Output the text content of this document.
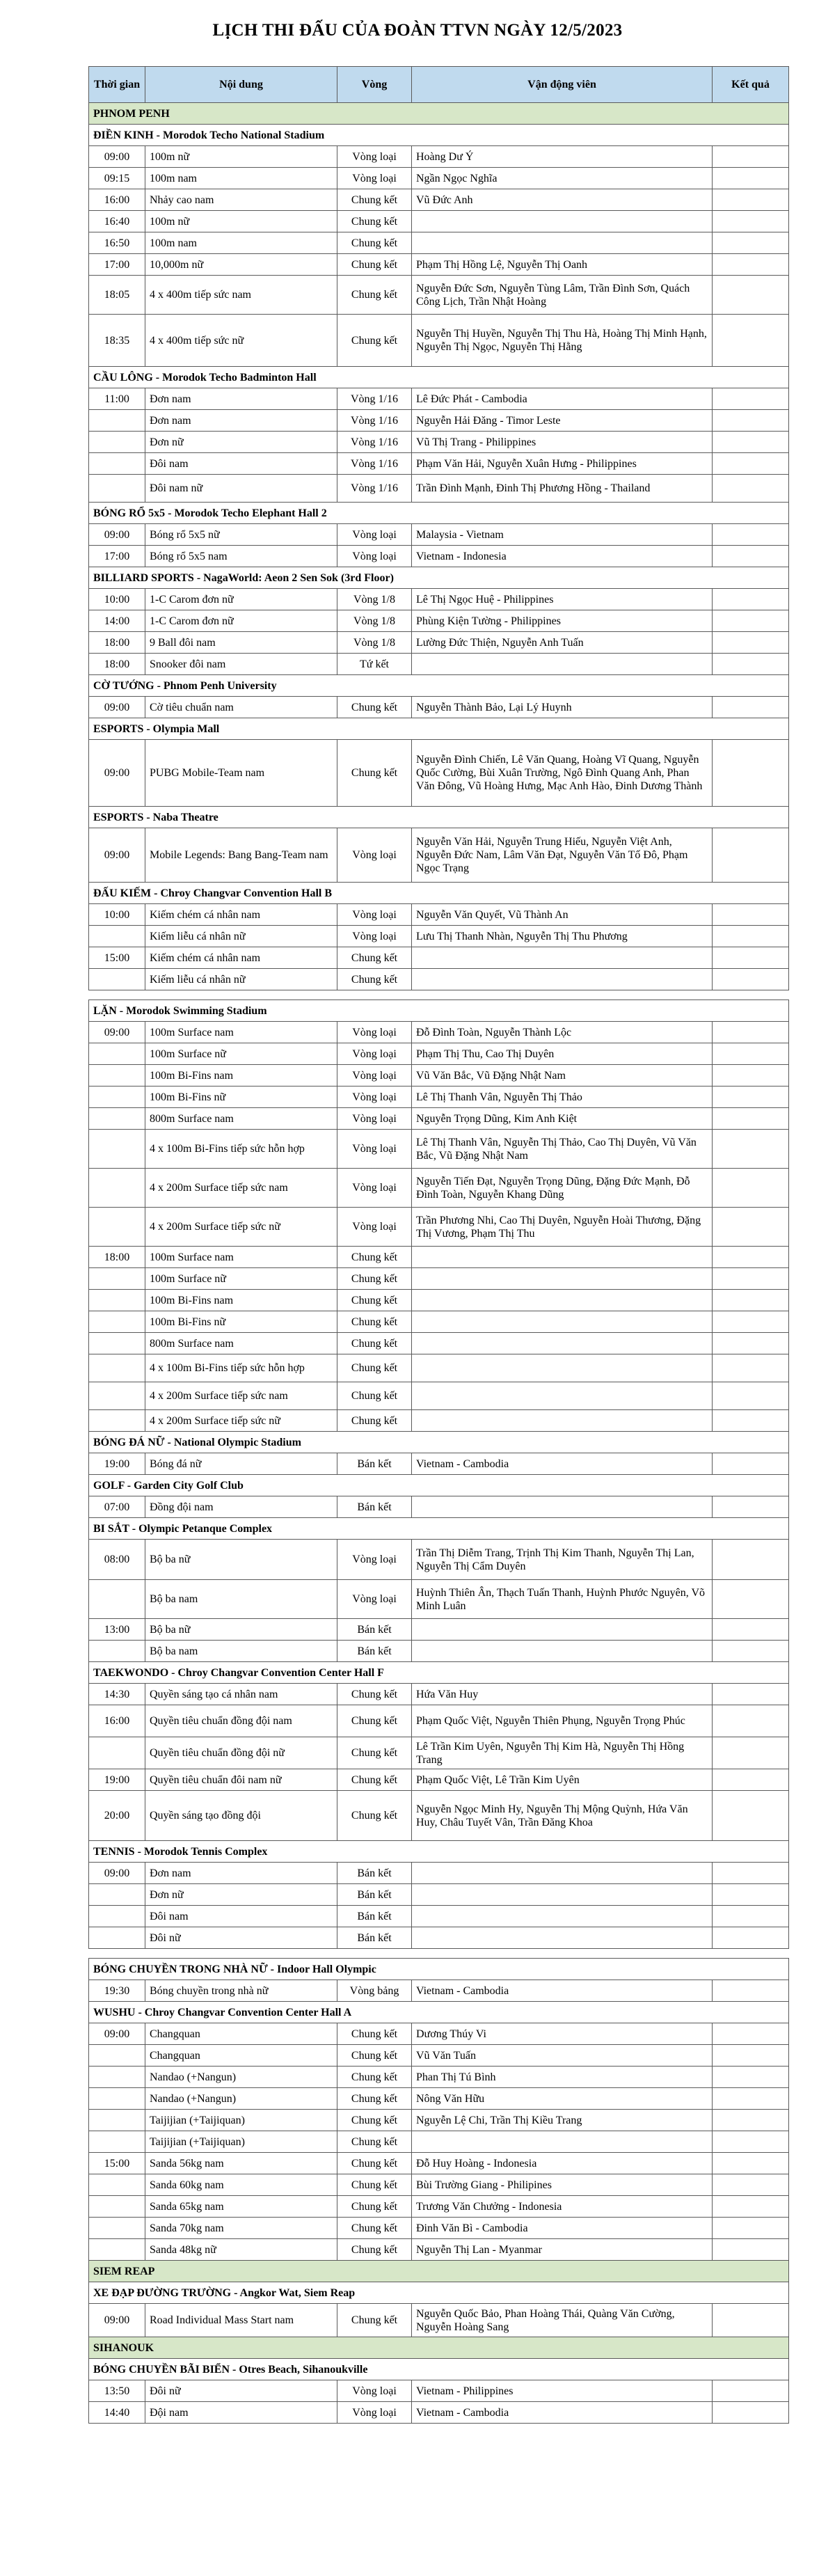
LỊCH THI ĐẤU CỦA ĐOÀN TTVN NGÀY 12/5/2023
Thời gian	Nội dung	Vòng	Vận động viên	Kết quả
PHNOM PENH				
ĐIỀN KINH - Morodok Techo National Stadium				
09:00	100m nữ	Vòng loại	Hoàng Dư Ý	
09:15	100m nam	Vòng loại	Ngần Ngọc Nghĩa	
16:00	Nhảy cao nam	Chung kết	Vũ Đức Anh	
16:40	100m nữ	Chung kết		
16:50	100m nam	Chung kết		
17:00	10,000m nữ	Chung kết	Phạm Thị Hồng Lệ, Nguyễn Thị Oanh	
18:05	4 x 400m tiếp sức nam	Chung kết	Nguyễn Đức Sơn, Nguyễn Tùng Lâm, Trần Đình Sơn, Quách Công Lịch, Trần Nhật Hoàng	
18:35	4 x 400m tiếp sức nữ	Chung kết	Nguyễn Thị Huyền, Nguyễn Thị Thu Hà, Hoàng Thị Minh Hạnh, Nguyễn Thị Ngọc, Nguyễn Thị Hằng	
CẦU LÔNG - Morodok Techo Badminton Hall				
11:00	Đơn nam	Vòng 1/16	Lê Đức Phát - Cambodia	
	Đơn nam	Vòng 1/16	Nguyễn Hải Đăng - Timor Leste	
	Đơn nữ	Vòng 1/16	Vũ Thị Trang - Philippines	
	Đôi nam	Vòng 1/16	Phạm Văn Hải, Nguyễn Xuân Hưng - Philippines	
	Đôi nam nữ	Vòng 1/16	Trần Đình Mạnh, Đinh Thị Phương Hồng - Thailand	
BÓNG RỔ 5x5 - Morodok Techo Elephant Hall 2				
09:00	Bóng rổ 5x5 nữ	Vòng loại	Malaysia - Vietnam	
17:00	Bóng rổ 5x5 nam	Vòng loại	Vietnam - Indonesia	
BILLIARD SPORTS - NagaWorld: Aeon 2 Sen Sok (3rd Floor)				
10:00	1-C Carom đơn nữ	Vòng 1/8	Lê Thị Ngọc Huệ - Philippines	
14:00	1-C Carom đơn nữ	Vòng 1/8	Phùng Kiện Tường - Philippines	
18:00	9 Ball đôi nam	Vòng 1/8	Lường Đức Thiện, Nguyễn Anh Tuấn	
18:00	Snooker đôi nam	Tứ kết		
CỜ TƯỚNG - Phnom Penh University				
09:00	Cờ tiêu chuẩn nam	Chung kết	Nguyễn Thành Bảo, Lại Lý Huynh	
ESPORTS - Olympia Mall				
09:00	PUBG Mobile-Team nam	Chung kết	Nguyễn Đình Chiến, Lê Văn Quang, Hoàng Vĩ Quang, Nguyễn Quốc Cường, Bùi Xuân Trường, Ngô Đình Quang Anh, Phan Văn Đông, Vũ Hoàng Hưng, Mạc Anh Hào, Đinh Dương Thành	
ESPORTS - Naba Theatre				
09:00	Mobile Legends: Bang Bang-Team nam	Vòng loại	Nguyễn Văn Hải, Nguyễn Trung Hiếu, Nguyễn Việt Anh, Nguyễn Đức Nam, Lâm Văn Đạt, Nguyễn Văn Tố Đô, Phạm Ngọc Trạng	
ĐẤU KIẾM - Chroy Changvar Convention Hall B				
10:00	Kiếm chém cá nhân nam	Vòng loại	Nguyễn Văn Quyết, Vũ Thành An	
	Kiếm liễu cá nhân nữ	Vòng loại	Lưu Thị Thanh Nhàn, Nguyễn Thị Thu Phương	
15:00	Kiếm chém cá nhân nam	Chung kết		
	Kiếm liễu cá nhân nữ	Chung kết		

LẶN - Morodok Swimming Stadium				
09:00	100m Surface nam	Vòng loại	Đỗ Đình Toàn, Nguyễn Thành Lộc	
	100m Surface nữ	Vòng loại	Phạm Thị Thu, Cao Thị Duyên	
	100m Bi-Fins nam	Vòng loại	Vũ Văn Bắc, Vũ Đặng Nhật Nam	
	100m Bi-Fins nữ	Vòng loại	Lê Thị Thanh Vân, Nguyễn Thị Thảo	
	800m Surface nam	Vòng loại	Nguyễn Trọng Dũng, Kim Anh Kiệt	
	4 x 100m Bi-Fins tiếp sức hỗn hợp	Vòng loại	Lê Thị Thanh Vân, Nguyễn Thị Thảo, Cao Thị Duyên, Vũ Văn Bắc, Vũ Đặng Nhật Nam	
	4 x 200m Surface tiếp sức nam	Vòng loại	Nguyễn Tiến Đạt, Nguyễn Trọng Dũng, Đặng Đức Mạnh, Đỗ Đình Toàn, Nguyễn Khang Dũng	
	4 x 200m Surface tiếp sức nữ	Vòng loại	Trần Phương Nhi, Cao Thị Duyên, Nguyễn Hoài Thương, Đặng Thị Vương, Phạm Thị Thu	
18:00	100m Surface nam	Chung kết		
	100m Surface nữ	Chung kết		
	100m Bi-Fins nam	Chung kết		
	100m Bi-Fins nữ	Chung kết		
	800m Surface nam	Chung kết		
	4 x 100m Bi-Fins tiếp sức hỗn hợp	Chung kết		
	4 x 200m Surface tiếp sức nam	Chung kết		
	4 x 200m Surface tiếp sức nữ	Chung kết		
BÓNG ĐÁ NỮ - National Olympic Stadium				
19:00	Bóng đá nữ	Bán kết	Vietnam - Cambodia	
GOLF - Garden City Golf Club				
07:00	Đồng đội nam	Bán kết		
BI SẮT - Olympic Petanque Complex				
08:00	Bộ ba nữ	Vòng loại	Trần Thị Diễm Trang, Trịnh Thị Kim Thanh, Nguyễn Thị Lan, Nguyễn Thị Cẩm Duyên	
	Bộ ba nam	Vòng loại	Huỳnh Thiên Ân, Thạch Tuấn Thanh, Huỳnh Phước Nguyên, Võ Minh Luân	
13:00	Bộ ba nữ	Bán kết		
	Bộ ba nam	Bán kết		
TAEKWONDO - Chroy Changvar Convention Center Hall F				
14:30	Quyền sáng tạo cá nhân nam	Chung kết	Hứa Văn Huy	
16:00	Quyền tiêu chuẩn đồng đội nam	Chung kết	Phạm Quốc Việt, Nguyễn Thiên Phụng, Nguyễn Trọng Phúc	
	Quyền tiêu chuẩn đồng đội nữ	Chung kết	Lê Trần Kim Uyên, Nguyễn Thị Kim Hà, Nguyễn Thị Hồng Trang	
19:00	Quyền tiêu chuẩn đôi nam nữ	Chung kết	Phạm Quốc Việt, Lê Trần Kim Uyên	
20:00	Quyền sáng tạo đồng đội	Chung kết	Nguyễn Ngọc Minh Hy, Nguyễn Thị Mộng Quỳnh, Hứa Văn Huy, Châu Tuyết Vân, Trần Đăng Khoa	
TENNIS - Morodok Tennis Complex				
09:00	Đơn nam	Bán kết		
	Đơn nữ	Bán kết		
	Đôi nam	Bán kết		
	Đôi nữ	Bán kết		

BÓNG CHUYỀN TRONG NHÀ NỮ - Indoor Hall Olympic				
19:30	Bóng chuyền trong nhà nữ	Vòng bảng	Vietnam - Cambodia	
WUSHU - Chroy Changvar Convention Center Hall A				
09:00	Changquan	Chung kết	Dương Thúy Vi	
	Changquan	Chung kết	Vũ Văn Tuấn	
	Nandao (+Nangun)	Chung kết	Phan Thị Tú Bình	
	Nandao (+Nangun)	Chung kết	Nông Văn Hữu	
	Taijijian (+Taijiquan)	Chung kết	Nguyễn Lệ Chi, Trần Thị Kiều Trang	
	Taijijian (+Taijiquan)	Chung kết		
15:00	Sanda 56kg nam	Chung kết	Đỗ Huy Hoàng - Indonesia	
	Sanda 60kg nam	Chung kết	Bùi Trường Giang - Philipines	
	Sanda 65kg nam	Chung kết	Trương Văn Chưởng - Indonesia	
	Sanda 70kg nam	Chung kết	Đinh Văn Bì - Cambodia	
	Sanda 48kg nữ	Chung kết	Nguyễn Thị Lan - Myanmar	
SIEM REAP				
XE ĐẠP ĐƯỜNG TRƯỜNG - Angkor Wat, Siem Reap				
09:00	Road Individual Mass Start nam	Chung kết	Nguyễn Quốc Bảo, Phan Hoàng Thái, Quàng Văn Cường, Nguyễn Hoàng Sang	
SIHANOUK				
BÓNG CHUYỀN BÃI BIỂN - Otres Beach, Sihanoukville				
13:50	Đôi nữ	Vòng loại	Vietnam - Philippines	
14:40	Đội nam	Vòng loại	Vietnam - Cambodia	
